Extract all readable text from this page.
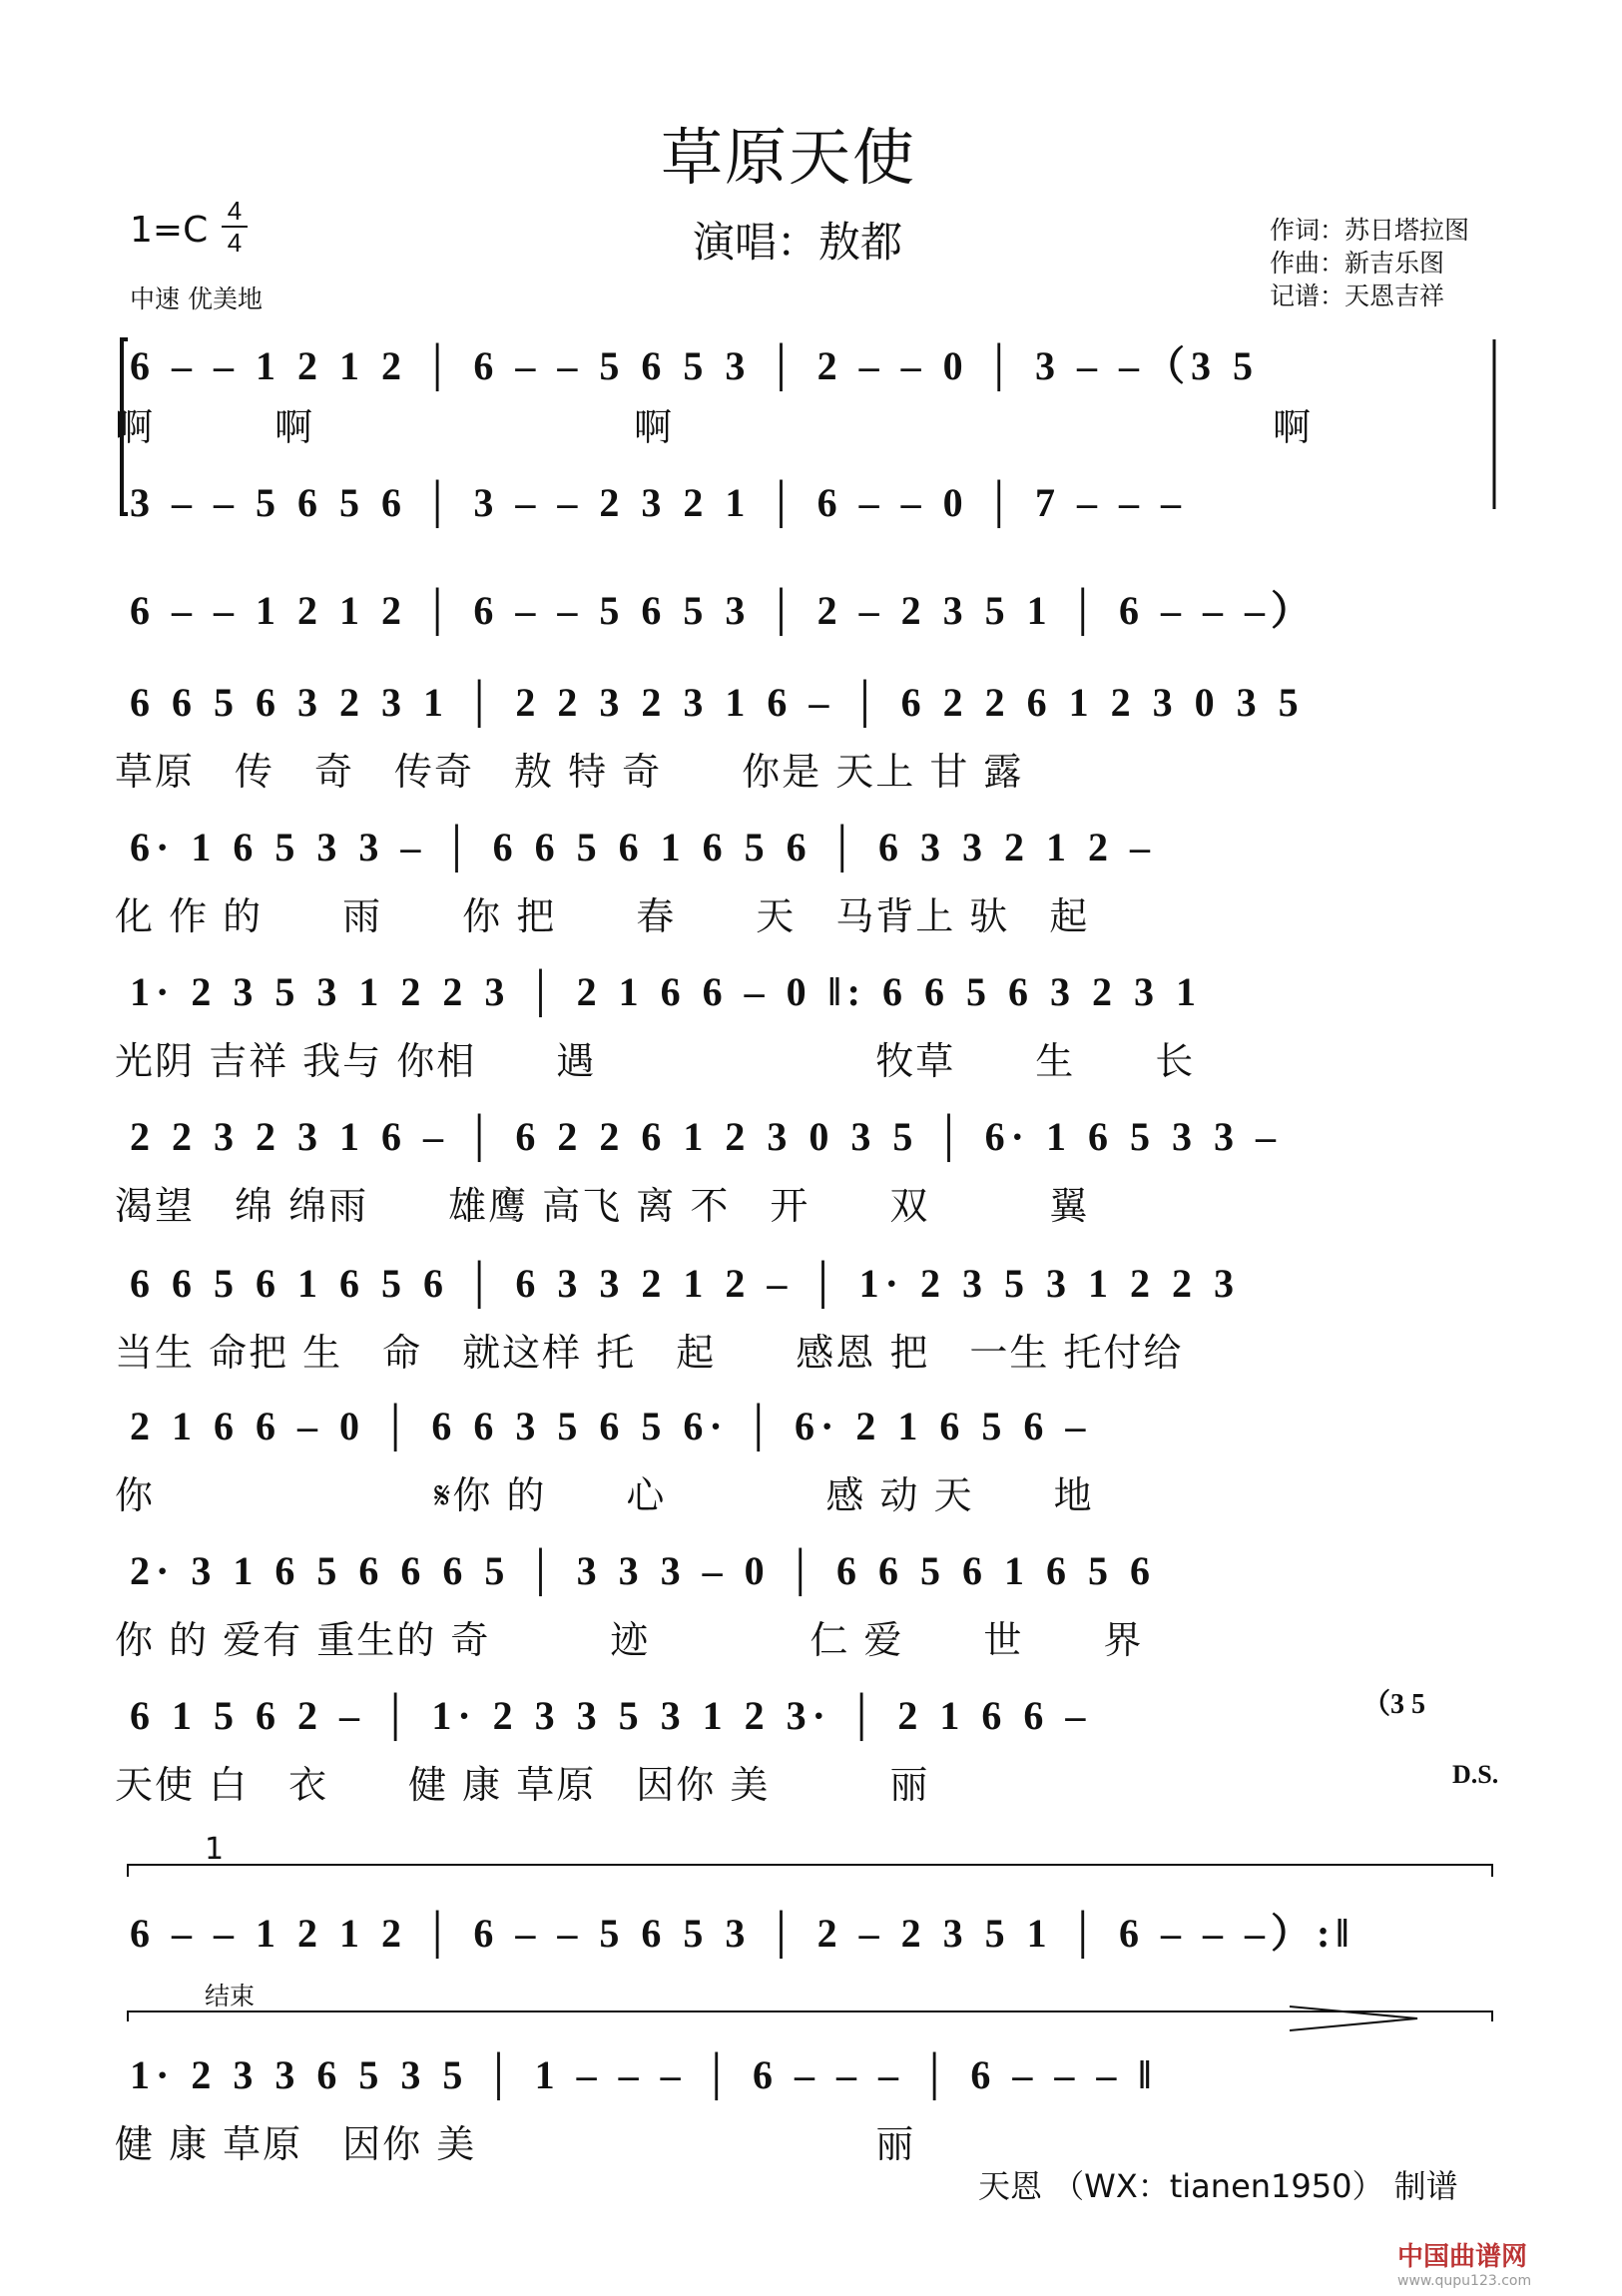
草原天使
1=C 4
4
中速 优美地
演唱：敖都	作词：苏日塔拉图
作曲：新吉乐图
记谱：天恩吉祥
6 – – 1 2 1 2 │ 6 – – 5 6 5 3 │ 2 – – 0 │ 3 – –（3 5
啊　　　啊　　　　　　　　啊　　　　　　　　　　　　　　　啊
3 – – 5 6 5 6 │ 3 – – 2 3 2 1 │ 6 – – 0 │ 7 – – –
6 – – 1 2 1 2 │ 6 – – 5 6 5 3 │ 2 – 2 3 5 1 │ 6 – – –）
6 6 5 6 3 2 3 1 │ 2 2 3 2 3 1 6 – │ 6 2 2 6 1 2 3 0 3 5
草原　传　奇　传奇　敖 特 奇　　你是 天上 甘 露
6· 1 6 5 3 3 – │ 6 6 5 6 1 6 5 6 │ 6 3 3 2 1 2 –
化 作 的　　雨　　你 把　　春　　天　马背上 驮　起
1· 2 3 5 3 1 2 2 3 │ 2 1 6 6 – 0 ‖: 6 6 5 6 3 2 3 1
光阴 吉祥 我与 你相　　遇　　　　　　　牧草　　生　　长
2 2 3 2 3 1 6 – │ 6 2 2 6 1 2 3 0 3 5 │ 6· 1 6 5 3 3 –
渴望　绵 绵雨　　雄鹰 高飞 离 不　开　　双　　　翼
6 6 5 6 1 6 5 6 │ 6 3 3 2 1 2 – │ 1· 2 3 5 3 1 2 2 3
当生 命把 生　命　就这样 托　起　　感恩 把　一生 托付给
2 1 6 6 – 0 │ 6 6 3 5 6 5 6· │ 6· 2 1 6 5 6 –
你　　　　　　　𝄋你 的　　心　　　　感 动 天　　地
2· 3 1 6 5 6 6 6 5 │ 3 3 3 – 0 │ 6 6 5 6 1 6 5 6
你 的 爱有 重生的 奇　　　迹　　　　仁 爱　　世　　界
6 1 5 6 2 – │ 1· 2 3 3 5 3 1 2 3· │ 2 1 6 6 –
天使 白　衣　　健 康 草原　因你 美　　　丽
6 – – 1 2 1 2 │ 6 – – 5 6 5 3 │ 2 – 2 3 5 1 │ 6 – – –）:‖
1· 2 3 3 6 5 3 5 │ 1 – – – │ 6 – – – │ 6 – – – ‖
健 康 草原　因你 美　　　　　　　　　　丽
1
结束
D.S.
（3 5
天恩 （WX：tianen1950） 制谱
中国曲谱网
www.qupu123.com
